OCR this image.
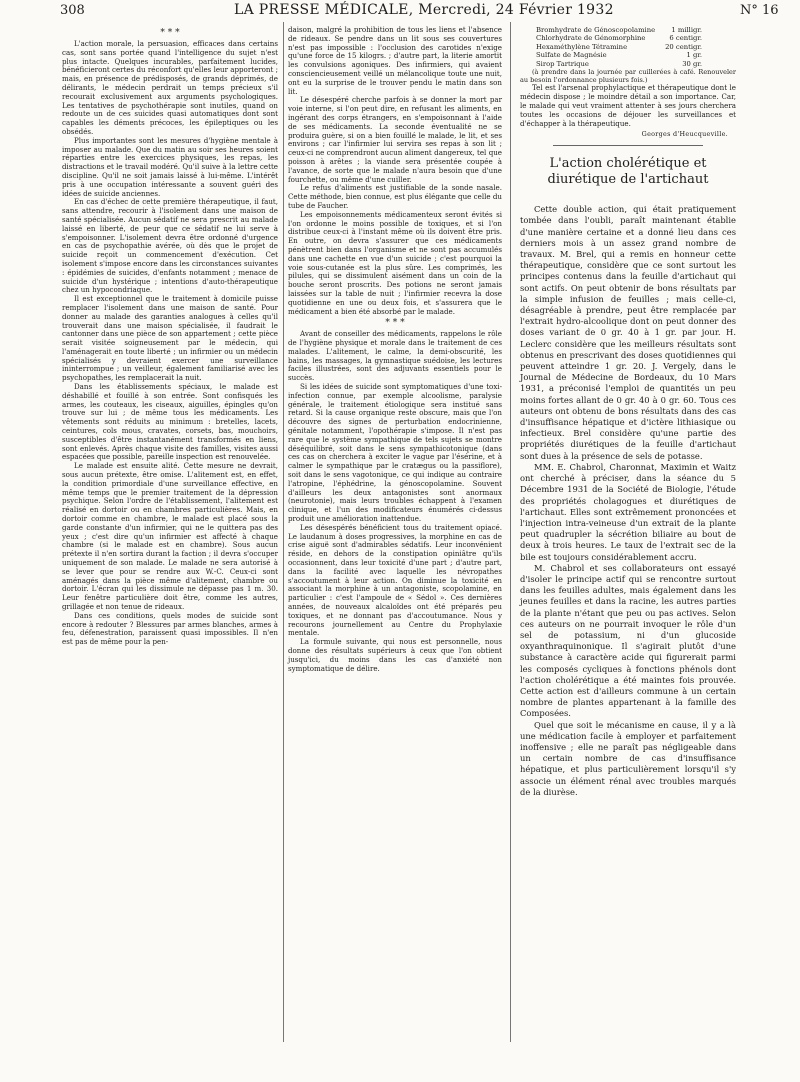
308	LA PRESSE MÉDICALE, Mercredi, 24 Février 1932	N° 16
* * *

L'action morale, la persuasion, efficaces dans certains cas, sont sans portée quand l'intelligence du sujet n'est plus intacte. Quelques incurables, parfaitement lucides, bénéficieront certes du réconfort qu'elles leur apporteront ; mais, en présence de prédisposés, de grands déprimés, de délirants, le médecin perdrait un temps précieux s'il recourait exclusivement aux arguments psychologiques. Les tentatives de psychothérapie sont inutiles, quand on redoute un de ces suicides quasi automatiques dont sont capables les déments précoces, les épileptiques ou les obsédés.

Plus importantes sont les mesures d'hygiène mentale à imposer au malade. Que du matin au soir ses heures soient réparties entre les exercices physiques, les repas, les distractions et le travail modéré. Qu'il suive à la lettre cette discipline. Qu'il ne soit jamais laissé à lui-même. L'intérêt pris à une occupation intéressante a souvent guéri des idées de suicide anciennes.

En cas d'échec de cette première thérapeutique, il faut, sans attendre, recourir à l'isolement dans une maison de santé spécialisée. Aucun sédatif ne sera prescrit au malade laissé en liberté, de peur que ce sédatif ne lui serve à s'empoisonner. L'isolement devra être ordonné d'urgence en cas de psychopathie avérée, où dès que le projet de suicide reçoit un commencement d'exécution. Cet isolement s'impose encore dans les circonstances suivantes : épidémies de suicides, d'enfants notamment ; menace de suicide d'un hystérique ; intentions d'auto-thérapeutique chez un hypocondriaque.

Il est exceptionnel que le traitement à domicile puisse remplacer l'isolement dans une maison de santé. Pour donner au malade des garanties analogues à celles qu'il trouverait dans une maison spécialisée, il faudrait le cantonner dans une pièce de son appartement ; cette pièce serait visitée soigneusement par le médecin, qui l'aménagerait en toute liberté ; un infirmier ou un médecin spécialisés y devraient exercer une surveillance ininterrompue ; un veilleur, également familiarisé avec les psychopathes, les remplacerait la nuit.

Dans les établissements spéciaux, le malade est déshabillé et fouillé à son entrée. Sont confisqués les armes, les couteaux, les ciseaux, aiguilles, épingles qu'on trouve sur lui ; de même tous les médicaments. Les vêtements sont réduits au minimum : bretelles, lacets, ceintures, cols mous, cravates, corsets, bas, mouchoirs, susceptibles d'être instantanément transformés en liens, sont enlevés. Après chaque visite des familles, visites aussi espacées que possible, pareille inspection est renouvelée.

Le malade est ensuite alité. Cette mesure ne devrait, sous aucun prétexte, être omise. L'alitement est, en effet, la condition primordiale d'une surveillance effective, en même temps que le premier traitement de la dépression psychique. Selon l'ordre de l'établissement, l'alitement est réalisé en dortoir ou en chambres particulières. Mais, en dortoir comme en chambre, le malade est placé sous la garde constante d'un infirmier, qui ne le quittera pas des yeux ; c'est dire qu'un infirmier est affecté à chaque chambre (si le malade est en chambre). Sous aucun prétexte il n'en sortira durant la faction ; il devra s'occuper uniquement de son malade. Le malade ne sera autorisé à se lever que pour se rendre aux W.-C. Ceux-ci sont aménagés dans la pièce même d'alitement, chambre ou dortoir. L'écran qui les dissimule ne dépasse pas 1 m. 30. Leur fenêtre particulière doit être, comme les autres, grillagée et non tenue de rideaux.

Dans ces conditions, quels modes de suicide sont encore à redouter ? Blessures par armes blanches, armes à feu, défenestration, paraissent quasi impossibles. Il n'en est pas de même pour la pen-

daison, malgré la prohibition de tous les liens et l'absence de rideaux. Se pendre dans un lit sous ses couvertures n'est pas impossible : l'occlusion des carotides n'exige qu'une force de 15 kilogrs. ; d'autre part, la literie amortit les convulsions agoniques. Des infirmiers, qui avaient consciencieusement veillé un mélancolique toute une nuit, ont eu la surprise de le trouver pendu le matin dans son lit.

Le désespéré cherche parfois à se donner la mort par voie interne, si l'on peut dire, en refusant les aliments, en ingérant des corps étrangers, en s'empoisonnant à l'aide de ses médicaments. La seconde éventualité ne se produira guère, si on a bien fouillé le malade, le lit, et ses environs ; car l'infirmier lui servira ses repas à son lit ; ceux-ci ne comprendront aucun aliment dangereux, tel que poisson à arêtes ; la viande sera présentée coupée à l'avance, de sorte que le malade n'aura besoin que d'une fourchette, ou même d'une cuiller.

Le refus d'aliments est justifiable de la sonde nasale. Cette méthode, bien connue, est plus élégante que celle du tube de Faucher.

Les empoisonnements médicamenteux seront évités si l'on ordonne le moins possible de toxiques, et si l'on distribue ceux-ci à l'instant même où ils doivent être pris. En outre, on devra s'assurer que ces médicaments pénètrent bien dans l'organisme et ne sont pas accumulés dans une cachette en vue d'un suicide ; c'est pourquoi la voie sous-cutanée est la plus sûre. Les comprimés, les pilules, qui se dissimulent aisément dans un coin de la bouche seront proscrits. Des potions ne seront jamais laissées sur la table de nuit ; l'infirmier recevra la dose quotidienne en une ou deux fois, et s'assurera que le médicament a bien été absorbé par le malade.

* * *

Avant de conseiller des médicaments, rappelons le rôle de l'hygiène physique et morale dans le traitement de ces malades. L'alitement, le calme, la demi-obscurité, les bains, les massages, la gymnastique suédoise, les lectures faciles illustrées, sont des adjuvants essentiels pour le succès.

Si les idées de suicide sont symptomatiques d'une toxi-infection connue, par exemple alcoolisme, paralysie générale, le traitement étiologique sera institué sans retard. Si la cause organique reste obscure, mais que l'on découvre des signes de perturbation endocrinienne, génitale notamment, l'opothérapie s'impose. Il n'est pas rare que le système sympathique de tels sujets se montre déséquilibré, soit dans le sens sympathicotonique (dans ces cas on cherchera à exciter le vague par l'ésérine, et à calmer le sympathique par le cratægus ou la passiflore), soit dans le sens vagotonique, ce qui indique au contraire l'atropine, l'éphédrine, la génoscopolamine. Souvent d'ailleurs les deux antagonistes sont anormaux (neurotonie), mais leurs troubles échappent à l'examen clinique, et l'un des modificateurs énumérés ci-dessus produit une amélioration inattendue.

Les désespérés bénéficient tous du traitement opiacé. Le laudanum à doses progressives, la morphine en cas de crise aiguë sont d'admirables sédatifs. Leur inconvénient réside, en dehors de la constipation opiniâtre qu'ils occasionnent, dans leur toxicité d'une part ; d'autre part, dans la facilité avec laquelle les névropathes s'accoutument à leur action. On diminue la toxicité en associant la morphine à un antagoniste, scopolamine, en particulier : c'est l'ampoule de « Sédol ». Ces dernières années, de nouveaux alcaloïdes ont été préparés peu toxiques, et ne donnant pas d'accoutumance. Nous y recourons journellement au Centre du Prophylaxie mentale.

La formule suivante, qui nous est personnelle, nous donne des résultats supérieurs à ceux que l'on obtient jusqu'ici, du moins dans les cas d'anxiété non symptomatique de délire.

Bromhydrate de Génoscopolamine	1 milligr.
Chlorhydrate de Génomorphine	6 centigr.
Hexaméthylène Tétramine	20 centigr.
Sulfate de Magnésie	1 gr.
Sirop Tartrique	30 gr.

(à prendre dans la journée par cuillerées à café. Renouveler au besoin l'ordonnance plusieurs fois.)

Tel est l'arsenal prophylactique et thérapeutique dont le médecin dispose ; le moindre détail a son importance. Car, le malade qui veut vraiment attenter à ses jours cherchera toutes les occasions de déjouer les surveillances et d'échapper à la thérapeutique.

Georges d'Heucqueville.
L'action cholérétique et diurétique de l'artichaut

Cette double action, qui était pratiquement tombée dans l'oubli, paraît maintenant établie d'une manière certaine et a donné lieu dans ces derniers mois à un assez grand nombre de travaux. M. Brel, qui a remis en honneur cette thérapeutique, considère que ce sont surtout les principes contenus dans la feuille d'artichaut qui sont actifs. On peut obtenir de bons résultats par la simple infusion de feuilles ; mais celle-ci, désagréable à prendre, peut être remplacée par l'extrait hydro-alcoolique dont on peut donner des doses variant de 0 gr. 40 à 1 gr. par jour. H. Leclerc considère que les meilleurs résultats sont obtenus en prescrivant des doses quotidiennes qui peuvent atteindre 1 gr. 20. J. Vergely, dans le Journal de Médecine de Bordeaux, du 10 Mars 1931, a préconisé l'emploi de quantités un peu moins fortes allant de 0 gr. 40 à 0 gr. 60. Tous ces auteurs ont obtenu de bons résultats dans des cas d'insuffisance hépatique et d'ictère lithiasique ou infectieux. Brel considère qu'une partie des propriétés diurétiques de la feuille d'artichaut sont dues à la présence de sels de potasse.

MM. E. Chabrol, Charonnat, Maximin et Waitz ont cherché à préciser, dans la séance du 5 Décembre 1931 de la Société de Biologie, l'étude des propriétés cholagogues et diurétiques de l'artichaut. Elles sont extrêmement prononcées et l'injection intra-veineuse d'un extrait de la plante peut quadrupler la sécrétion biliaire au bout de deux à trois heures. Le taux de l'extrait sec de la bile est toujours considérablement accru.

M. Chabrol et ses collaborateurs ont essayé d'isoler le principe actif qui se rencontre surtout dans les feuilles adultes, mais également dans les jeunes feuilles et dans la racine, les autres parties de la plante n'étant que peu ou pas actives. Selon ces auteurs on ne pourrait invoquer le rôle d'un sel de potassium, ni d'un glucoside oxyanthraquinonique. Il s'agirait plutôt d'une substance à caractère acide qui figurerait parmi les composés cycliques à fonctions phénols dont l'action cholérétique a été maintes fois prouvée. Cette action est d'ailleurs commune à un certain nombre de plantes appartenant à la famille des Composées.

Quel que soit le mécanisme en cause, il y a là une médication facile à employer et parfaitement inoffensive ; elle ne paraît pas négligeable dans un certain nombre de cas d'insuffisance hépatique, et plus particulièrement lorsqu'il s'y associe un élément rénal avec troubles marqués de la diurèse.
